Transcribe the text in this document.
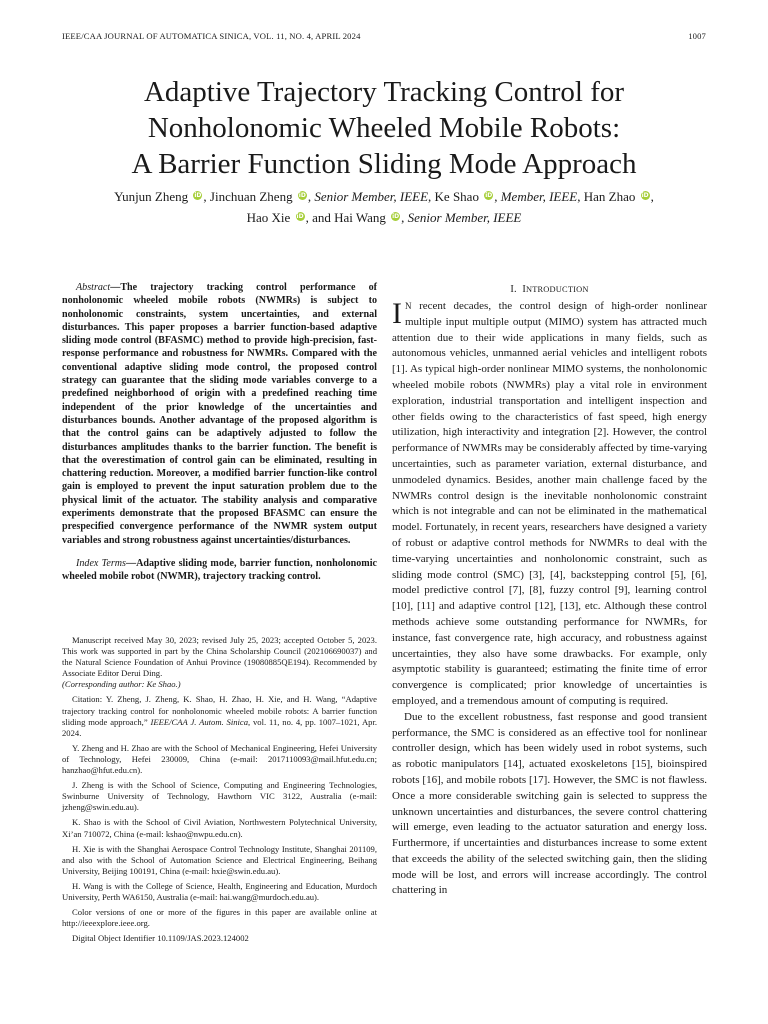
IEEE/CAA JOURNAL OF AUTOMATICA SINICA, VOL. 11, NO. 4, APRIL 2024	1007
Adaptive Trajectory Tracking Control for
Nonholonomic Wheeled Mobile Robots:
A Barrier Function Sliding Mode Approach
Yunjun Zheng iD , Jinchuan Zheng iD , Senior Member, IEEE, Ke Shao iD , Member, IEEE, Han Zhao iD ,
Hao Xie iD , and Hai Wang iD , Senior Member, IEEE

Abstract—The trajectory tracking control performance of nonholonomic wheeled mobile robots (NWMRs) is subject to nonholonomic constraints, system uncertainties, and external disturbances. This paper proposes a barrier function-based adaptive sliding mode control (BFASMC) method to provide high-precision, fast-response performance and robustness for NWMRs. Compared with the conventional adaptive sliding mode control, the proposed control strategy can guarantee that the sliding mode variables converge to a predefined neighborhood of origin with a predefined reaching time independent of the prior knowledge of the uncertainties and disturbances bounds. Another advantage of the proposed algorithm is that the control gains can be adaptively adjusted to follow the disturbances amplitudes thanks to the barrier function. The benefit is that the overestimation of control gain can be eliminated, resulting in chattering reduction. Moreover, a modified barrier function-like control gain is employed to prevent the input saturation problem due to the physical limit of the actuator. The stability analysis and comparative experiments demonstrate that the proposed BFASMC can ensure the prespecified convergence performance of the NWMR system output variables and strong robustness against uncertainties/disturbances.

Index Terms—Adaptive sliding mode, barrier function, nonholonomic wheeled mobile robot (NWMR), trajectory tracking control.

Manuscript received May 30, 2023; revised July 25, 2023; accepted October 5, 2023. This work was supported in part by the China Scholarship Council (202106690037) and the Natural Science Foundation of Anhui Province (19080885QE194). Recommended by Associate Editor Derui Ding.
(Corresponding author: Ke Shao.)

Citation: Y. Zheng, J. Zheng, K. Shao, H. Zhao, H. Xie, and H. Wang, “Adaptive trajectory tracking control for nonholonomic wheeled mobile robots: A barrier function sliding mode approach,” IEEE/CAA J. Autom. Sinica, vol. 11, no. 4, pp. 1007–1021, Apr. 2024.

Y. Zheng and H. Zhao are with the School of Mechanical Engineering, Hefei University of Technology, Hefei 230009, China (e-mail: 2017110093@mail.hfut.edu.cn; hanzhao@hfut.edu.cn).

J. Zheng is with the School of Science, Computing and Engineering Technologies, Swinburne University of Technology, Hawthorn VIC 3122, Australia (e-mail: jzheng@swin.edu.au).

K. Shao is with the School of Civil Aviation, Northwestern Polytechnical University, Xi’an 710072, China (e-mail: kshao@nwpu.edu.cn).

H. Xie is with the Shanghai Aerospace Control Technology Institute, Shanghai 201109, and also with the School of Automation Science and Electrical Engineering, Beihang University, Beijing 100191, China (e-mail: hxie@swin.edu.au).

H. Wang is with the College of Science, Health, Engineering and Education, Murdoch University, Perth WA6150, Australia (e-mail: hai.wang@murdoch.edu.au).

Color versions of one or more of the figures in this paper are available online at http://ieeexplore.ieee.org.

Digital Object Identifier 10.1109/JAS.2023.124002

I. INTRODUCTION

IN recent decades, the control design of high-order nonlinear multiple input multiple output (MIMO) system has attracted much attention due to their wide applications in many fields, such as autonomous vehicles, unmanned aerial vehicles and intelligent robots [1]. As typical high-order nonlinear MIMO systems, the nonholonomic wheeled mobile robots (NWMRs) play a vital role in environment exploration, industrial transportation and intelligent inspection and other fields owing to the characteristics of fast speed, high energy utilization, high interactivity and integration [2]. However, the control performance of NWMRs may be considerably affected by time-varying uncertainties, such as parameter variation, external disturbance, and unmodeled dynamics. Besides, another main challenge faced by the NWMRs control design is the inevitable nonholonomic constraint which is not integrable and can not be eliminated in the mathematical model. Fortunately, in recent years, researchers have designed a variety of robust or adaptive control methods for NWMRs to deal with the time-varying uncertainties and nonholonomic constraint, such as sliding mode control (SMC) [3], [4], backstepping control [5], [6], model predictive control [7], [8], fuzzy control [9], learning control [10], [11] and adaptive control [12], [13], etc. Although these control methods achieve some outstanding performance for NWMRs, for instance, fast convergence rate, high accuracy, and robustness against uncertainties, they also have some drawbacks. For example, only asymptotic stability is guaranteed; estimating the finite time of error convergence is complicated; prior knowledge of uncertainties is employed, and a tremendous amount of computing is required.

Due to the excellent robustness, fast response and good transient performance, the SMC is considered as an effective tool for nonlinear controller design, which has been widely used in robot systems, such as robotic manipulators [14], actuated exoskeletons [15], bioinspired robots [16], and mobile robots [17]. However, the SMC is not flawless. Once a more considerable switching gain is selected to suppress the unknown uncertainties and disturbances, the severe control chattering will emerge, even leading to the actuator saturation and energy loss. Furthermore, if uncertainties and disturbances increase to some extent that exceeds the ability of the selected switching gain, then the sliding mode will be lost, and errors will increase accordingly. The control chattering in
